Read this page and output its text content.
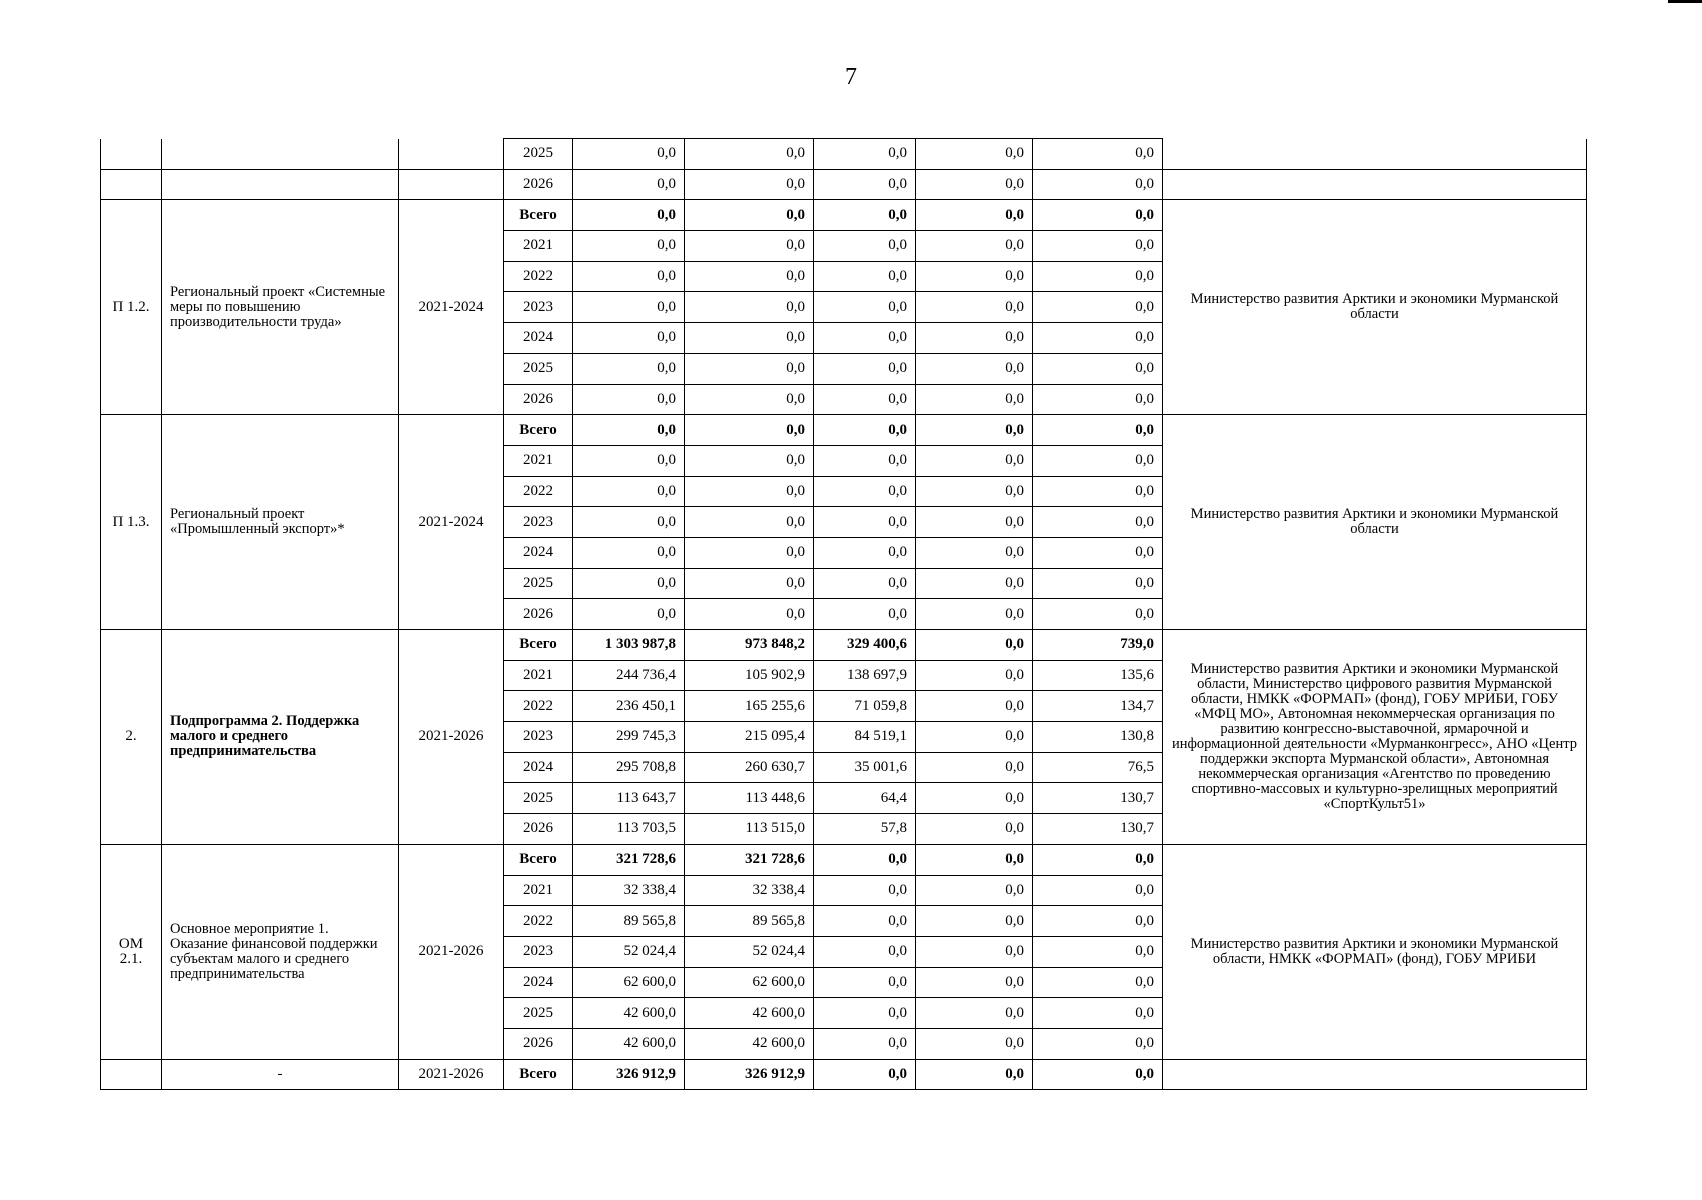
7
			2025	0,0	0,0	0,0	0,0	0,0	
			2026	0,0	0,0	0,0	0,0	0,0	
П 1.2.	Региональный проект «Системные меры по повышению производительности труда»	2021-2024	Всего	0,0	0,0	0,0	0,0	0,0	Министерство развития Арктики и экономики Мурманской области
			2021	0,0	0,0	0,0	0,0	0,0	
			2022	0,0	0,0	0,0	0,0	0,0	
			2023	0,0	0,0	0,0	0,0	0,0	
			2024	0,0	0,0	0,0	0,0	0,0	
			2025	0,0	0,0	0,0	0,0	0,0	
			2026	0,0	0,0	0,0	0,0	0,0	
П 1.3.	Региональный проект «Промышленный экспорт»*	2021-2024	Всего	0,0	0,0	0,0	0,0	0,0	Министерство развития Арктики и экономики Мурманской области
			2021	0,0	0,0	0,0	0,0	0,0	
			2022	0,0	0,0	0,0	0,0	0,0	
			2023	0,0	0,0	0,0	0,0	0,0	
			2024	0,0	0,0	0,0	0,0	0,0	
			2025	0,0	0,0	0,0	0,0	0,0	
			2026	0,0	0,0	0,0	0,0	0,0	
2.	Подпрограмма 2. Поддержка малого и среднего предпринимательства	2021-2026	Всего	1 303 987,8	973 848,2	329 400,6	0,0	739,0	Министерство развития Арктики и экономики Мурманской области, Министерство цифрового развития Мурманской области, НМКК «ФОРМАП» (фонд), ГОБУ МРИБИ, ГОБУ «МФЦ МО», Автономная некоммерческая организация по развитию конгрессно-выставочной, ярмарочной и информационной деятельности «Мурманконгресс», АНО «Центр поддержки экспорта Мурманской области», Автономная некоммерческая организация «Агентство по проведению спортивно-массовых и культурно-зрелищных мероприятий «СпортКульт51»
			2021	244 736,4	105 902,9	138 697,9	0,0	135,6	
			2022	236 450,1	165 255,6	71 059,8	0,0	134,7	
			2023	299 745,3	215 095,4	84 519,1	0,0	130,8	
			2024	295 708,8	260 630,7	35 001,6	0,0	76,5	
			2025	113 643,7	113 448,6	64,4	0,0	130,7	
			2026	113 703,5	113 515,0	57,8	0,0	130,7	
ОМ 2.1.	Основное мероприятие 1. Оказание финансовой поддержки субъектам малого и среднего предпринимательства	2021-2026	Всего	321 728,6	321 728,6	0,0	0,0	0,0	Министерство развития Арктики и экономики Мурманской области, НМКК «ФОРМАП» (фонд), ГОБУ МРИБИ
			2021	32 338,4	32 338,4	0,0	0,0	0,0	
			2022	89 565,8	89 565,8	0,0	0,0	0,0	
			2023	52 024,4	52 024,4	0,0	0,0	0,0	
			2024	62 600,0	62 600,0	0,0	0,0	0,0	
			2025	42 600,0	42 600,0	0,0	0,0	0,0	
			2026	42 600,0	42 600,0	0,0	0,0	0,0	
	-	2021-2026	Всего	326 912,9	326 912,9	0,0	0,0	0,0	
